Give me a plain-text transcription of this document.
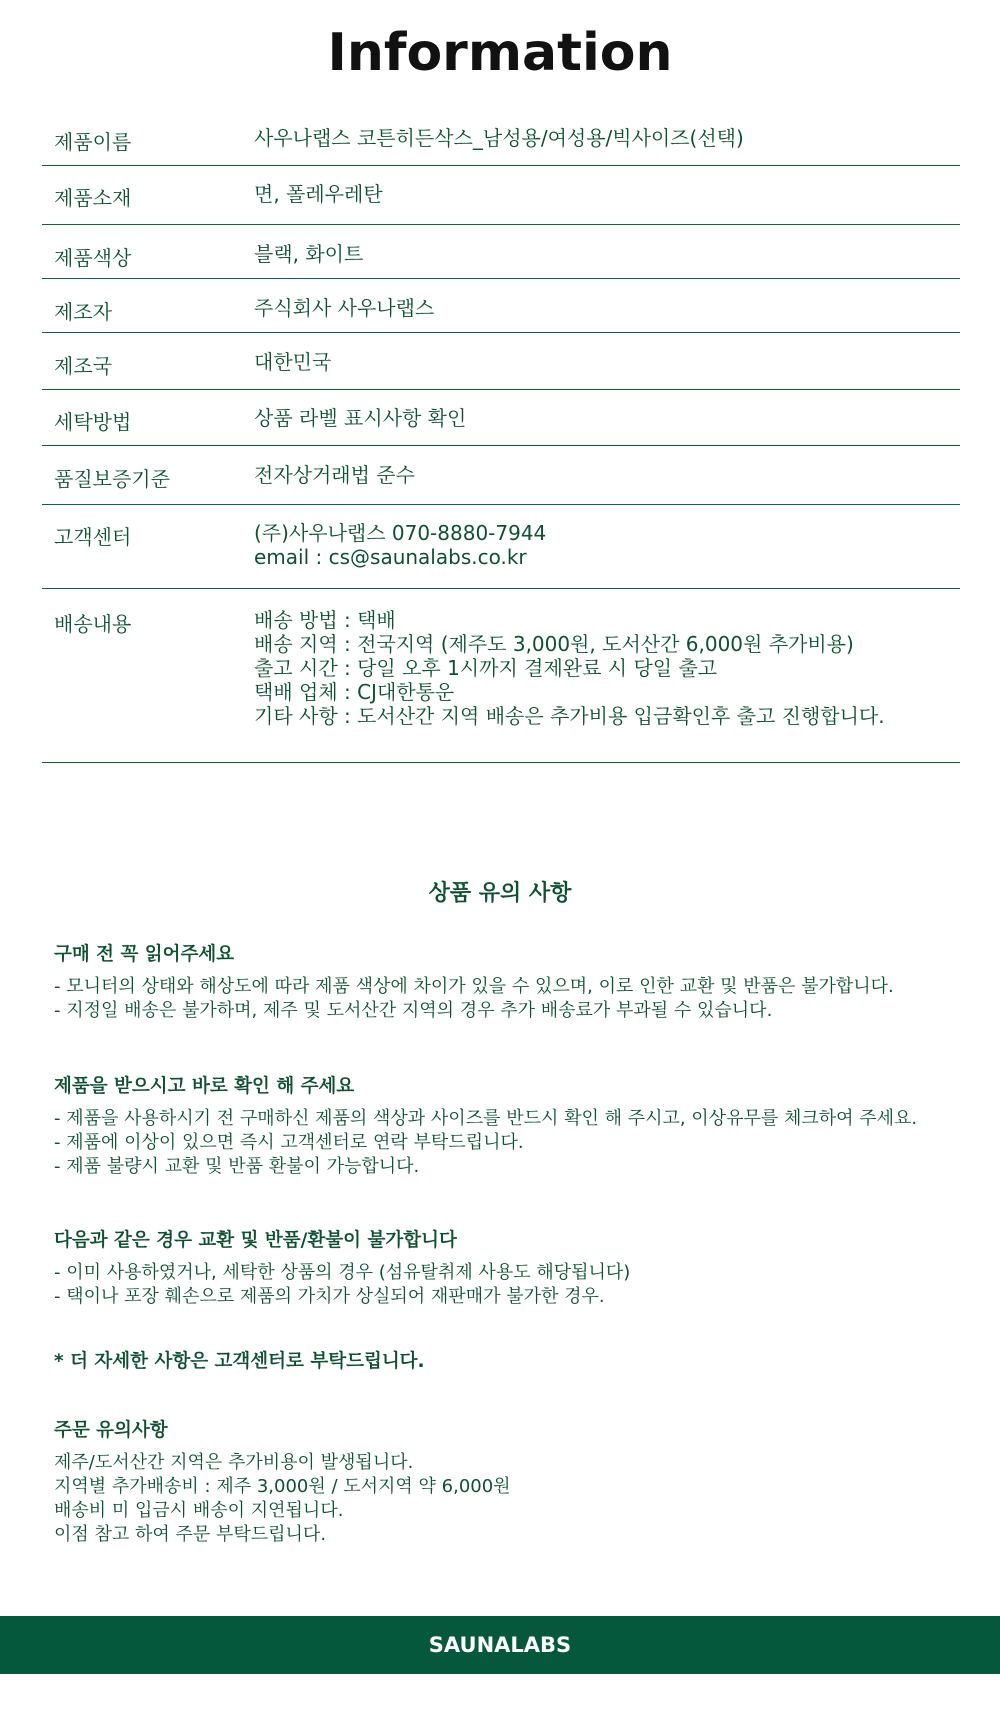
Information
제품이름	사우나랩스 코튼히든삭스_남성용/여성용/빅사이즈(선택)
제품소재	면, 폴레우레탄
제품색상	블랙, 화이트
제조자	주식회사 사우나랩스
제조국	대한민국
세탁방법	상품 라벨 표시사항 확인
품질보증기준	전자상거래법 준수
고객센터	(주)사우나랩스 070-8880-7944
email : cs@saunalabs.co.kr
배송내용	배송 방법 : 택배
배송 지역 : 전국지역 (제주도 3,000원, 도서산간 6,000원 추가비용)
출고 시간 : 당일 오후 1시까지 결제완료 시 당일 출고
택배 업체 : CJ대한통운
기타 사항 : 도서산간 지역 배송은 추가비용 입금확인후 출고 진행합니다.
상품 유의 사항
구매 전 꼭 읽어주세요
- 모니터의 상태와 해상도에 따라 제품 색상에 차이가 있을 수 있으며, 이로 인한 교환 및 반품은 불가합니다.
- 지정일 배송은 불가하며, 제주 및 도서산간 지역의 경우 추가 배송료가 부과될 수 있습니다.
제품을 받으시고 바로 확인 해 주세요
- 제품을 사용하시기 전 구매하신 제품의 색상과 사이즈를 반드시 확인 해 주시고, 이상유무를 체크하여 주세요.
- 제품에 이상이 있으면 즉시 고객센터로 연락 부탁드립니다.
- 제품 불량시 교환 및 반품 환불이 가능합니다.
다음과 같은 경우 교환 및 반품/환불이 불가합니다
- 이미 사용하였거나, 세탁한 상품의 경우 (섬유탈취제 사용도 해당됩니다)
- 택이나 포장 훼손으로 제품의 가치가 상실되어 재판매가 불가한 경우.
* 더 자세한 사항은 고객센터로 부탁드립니다.
주문 유의사항
제주/도서산간 지역은 추가비용이 발생됩니다.
지역별 추가배송비 : 제주 3,000원 / 도서지역 약 6,000원
배송비 미 입금시 배송이 지연됩니다.
이점 참고 하여 주문 부탁드립니다.
SAUNALABS
